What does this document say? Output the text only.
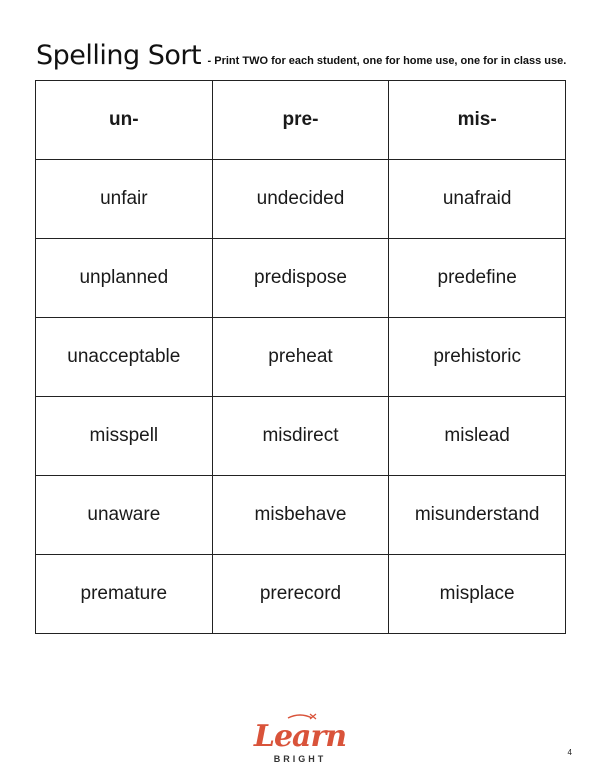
Spelling Sort - Print TWO for each student, one for home use, one for in class use.
un-	pre-	mis-
unfair	undecided	unafraid
unplanned	predispose	predefine
unacceptable	preheat	prehistoric
misspell	misdirect	mislead
unaware	misbehave	misunderstand
premature	prerecord	misplace
Learn
BRIGHT
4
